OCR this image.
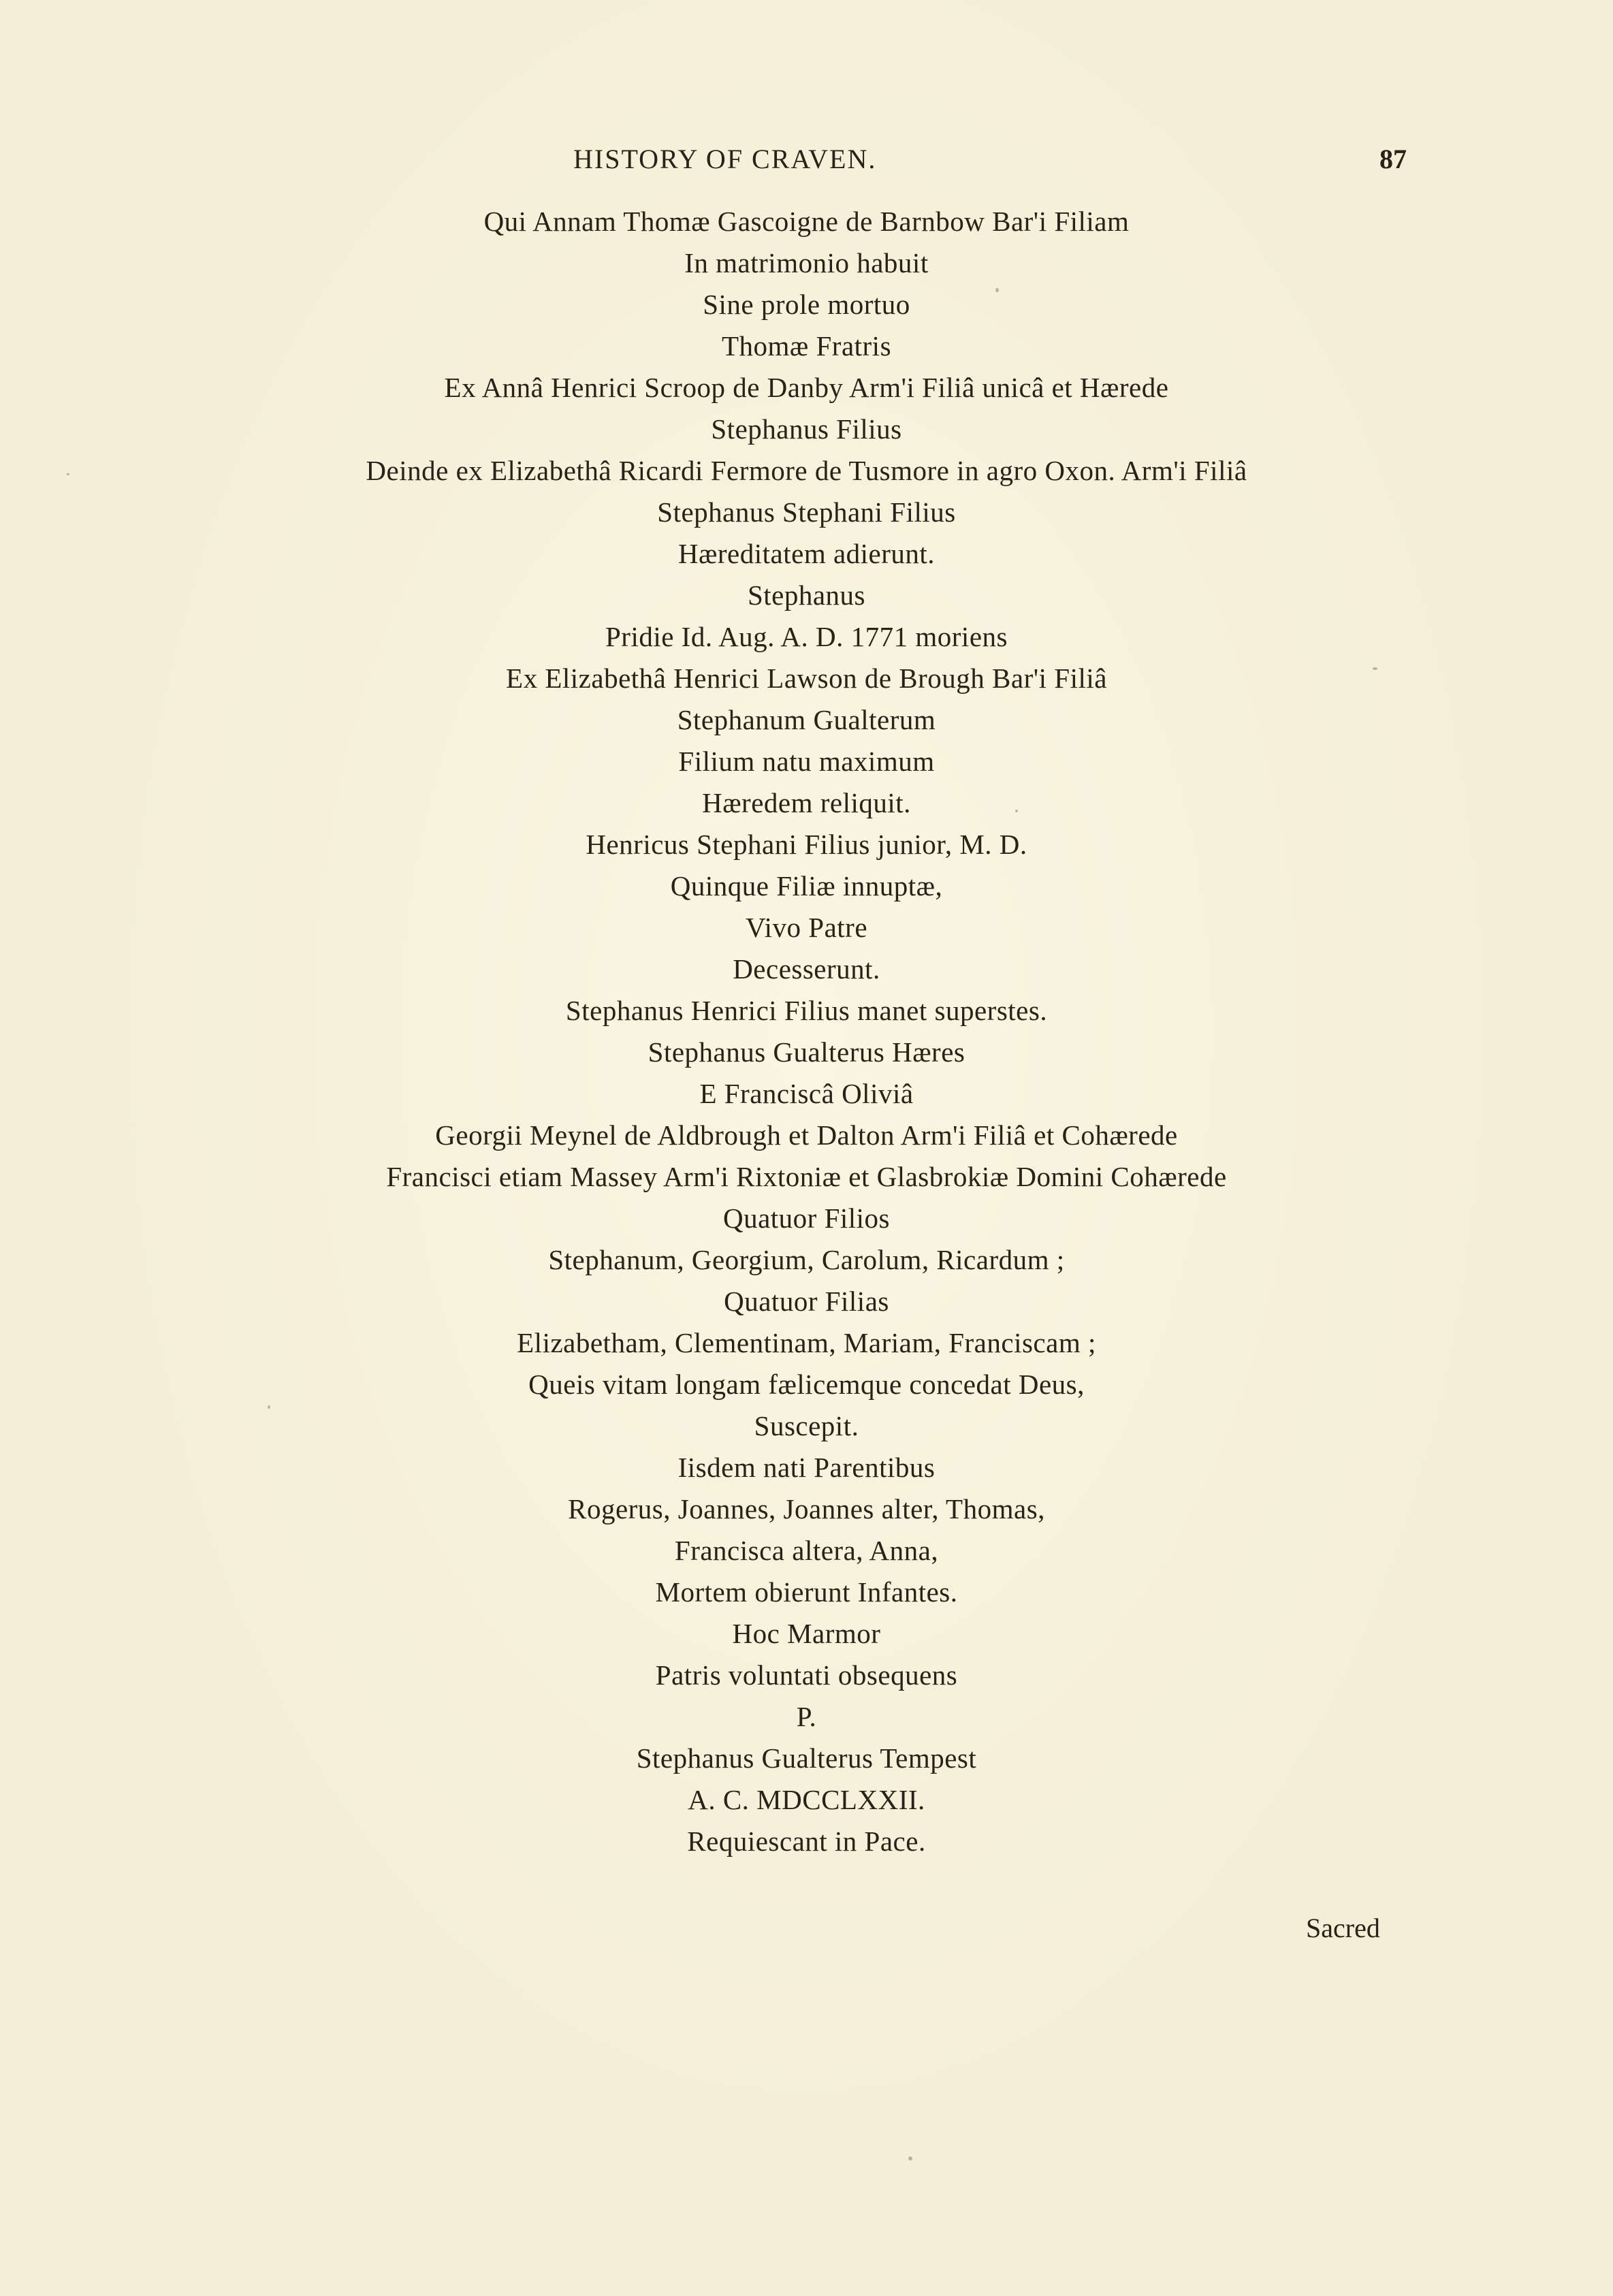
HISTORY OF CRAVEN.	87
Qui Annam Thomæ Gascoigne de Barnbow Bar'i Filiam
In matrimonio habuit
Sine prole mortuo
Thomæ Fratris
Ex Annâ Henrici Scroop de Danby Arm'i Filiâ unicâ et Hærede
Stephanus Filius
Deinde ex Elizabethâ Ricardi Fermore de Tusmore in agro Oxon. Arm'i Filiâ
Stephanus Stephani Filius
Hæreditatem adierunt.
Stephanus
Pridie Id. Aug. A. D. 1771 moriens
Ex Elizabethâ Henrici Lawson de Brough Bar'i Filiâ
Stephanum Gualterum
Filium natu maximum
Hæredem reliquit.
Henricus Stephani Filius junior, M. D.
Quinque Filiæ innuptæ,
Vivo Patre
Decesserunt.
Stephanus Henrici Filius manet superstes.
Stephanus Gualterus Hæres
E Franciscâ Oliviâ
Georgii Meynel de Aldbrough et Dalton Arm'i Filiâ et Cohærede
Francisci etiam Massey Arm'i Rixtoniæ et Glasbrokiæ Domini Cohærede
Quatuor Filios
Stephanum, Georgium, Carolum, Ricardum ;
Quatuor Filias
Elizabetham, Clementinam, Mariam, Franciscam ;
Queis vitam longam fælicemque concedat Deus,
Suscepit.
Iisdem nati Parentibus
Rogerus, Joannes, Joannes alter, Thomas,
Francisca altera, Anna,
Mortem obierunt Infantes.
Hoc Marmor
Patris voluntati obsequens
P.
Stephanus Gualterus Tempest
A. C. MDCCLXXII.
Requiescant in Pace.
Sacred
